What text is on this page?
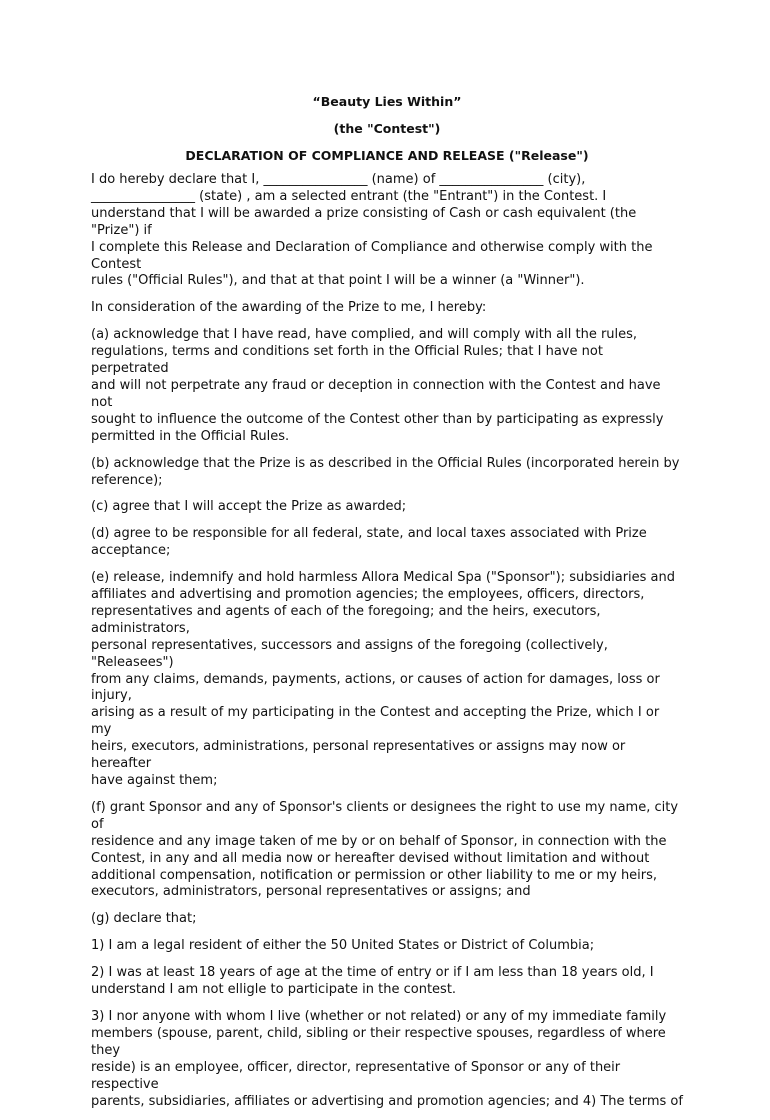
“Beauty Lies Within”
(the "Contest")
DECLARATION OF COMPLIANCE AND RELEASE ("Release")
I do hereby declare that I, ________________ (name) of ________________ (city),
________________ (state) , am a selected entrant (the "Entrant") in the Contest. I
understand that I will be awarded a prize consisting of Cash or cash equivalent (the "Prize") if
I complete this Release and Declaration of Compliance and otherwise comply with the Contest
rules ("Official Rules"), and that at that point I will be a winner (a "Winner").
In consideration of the awarding of the Prize to me, I hereby:
(a) acknowledge that I have read, have complied, and will comply with all the rules,
regulations, terms and conditions set forth in the Official Rules; that I have not perpetrated
and will not perpetrate any fraud or deception in connection with the Contest and have not
sought to influence the outcome of the Contest other than by participating as expressly
permitted in the Official Rules.
(b) acknowledge that the Prize is as described in the Official Rules (incorporated herein by
reference);
(c) agree that I will accept the Prize as awarded;
(d) agree to be responsible for all federal, state, and local taxes associated with Prize
acceptance;
(e) release, indemnify and hold harmless Allora Medical Spa ("Sponsor"); subsidiaries and
affiliates and advertising and promotion agencies; the employees, officers, directors,
representatives and agents of each of the foregoing; and the heirs, executors, administrators,
personal representatives, successors and assigns of the foregoing (collectively, "Releasees")
from any claims, demands, payments, actions, or causes of action for damages, loss or injury,
arising as a result of my participating in the Contest and accepting the Prize, which I or my
heirs, executors, administrations, personal representatives or assigns may now or hereafter
have against them;
(f) grant Sponsor and any of Sponsor's clients or designees the right to use my name, city of
residence and any image taken of me by or on behalf of Sponsor, in connection with the
Contest, in any and all media now or hereafter devised without limitation and without
additional compensation, notification or permission or other liability to me or my heirs,
executors, administrators, personal representatives or assigns; and
(g) declare that;
1) I am a legal resident of either the 50 United States or District of Columbia;
2) I was at least 18 years of age at the time of entry or if I am less than 18 years old, I
understand I am not elligle to participate in the contest.
3) I nor anyone with whom I live (whether or not related) or any of my immediate family
members (spouse, parent, child, sibling or their respective spouses, regardless of where they
reside) is an employee, officer, director, representative of Sponsor or any of their respective
parents, subsidiaries, affiliates or advertising and promotion agencies; and 4) The terms of
